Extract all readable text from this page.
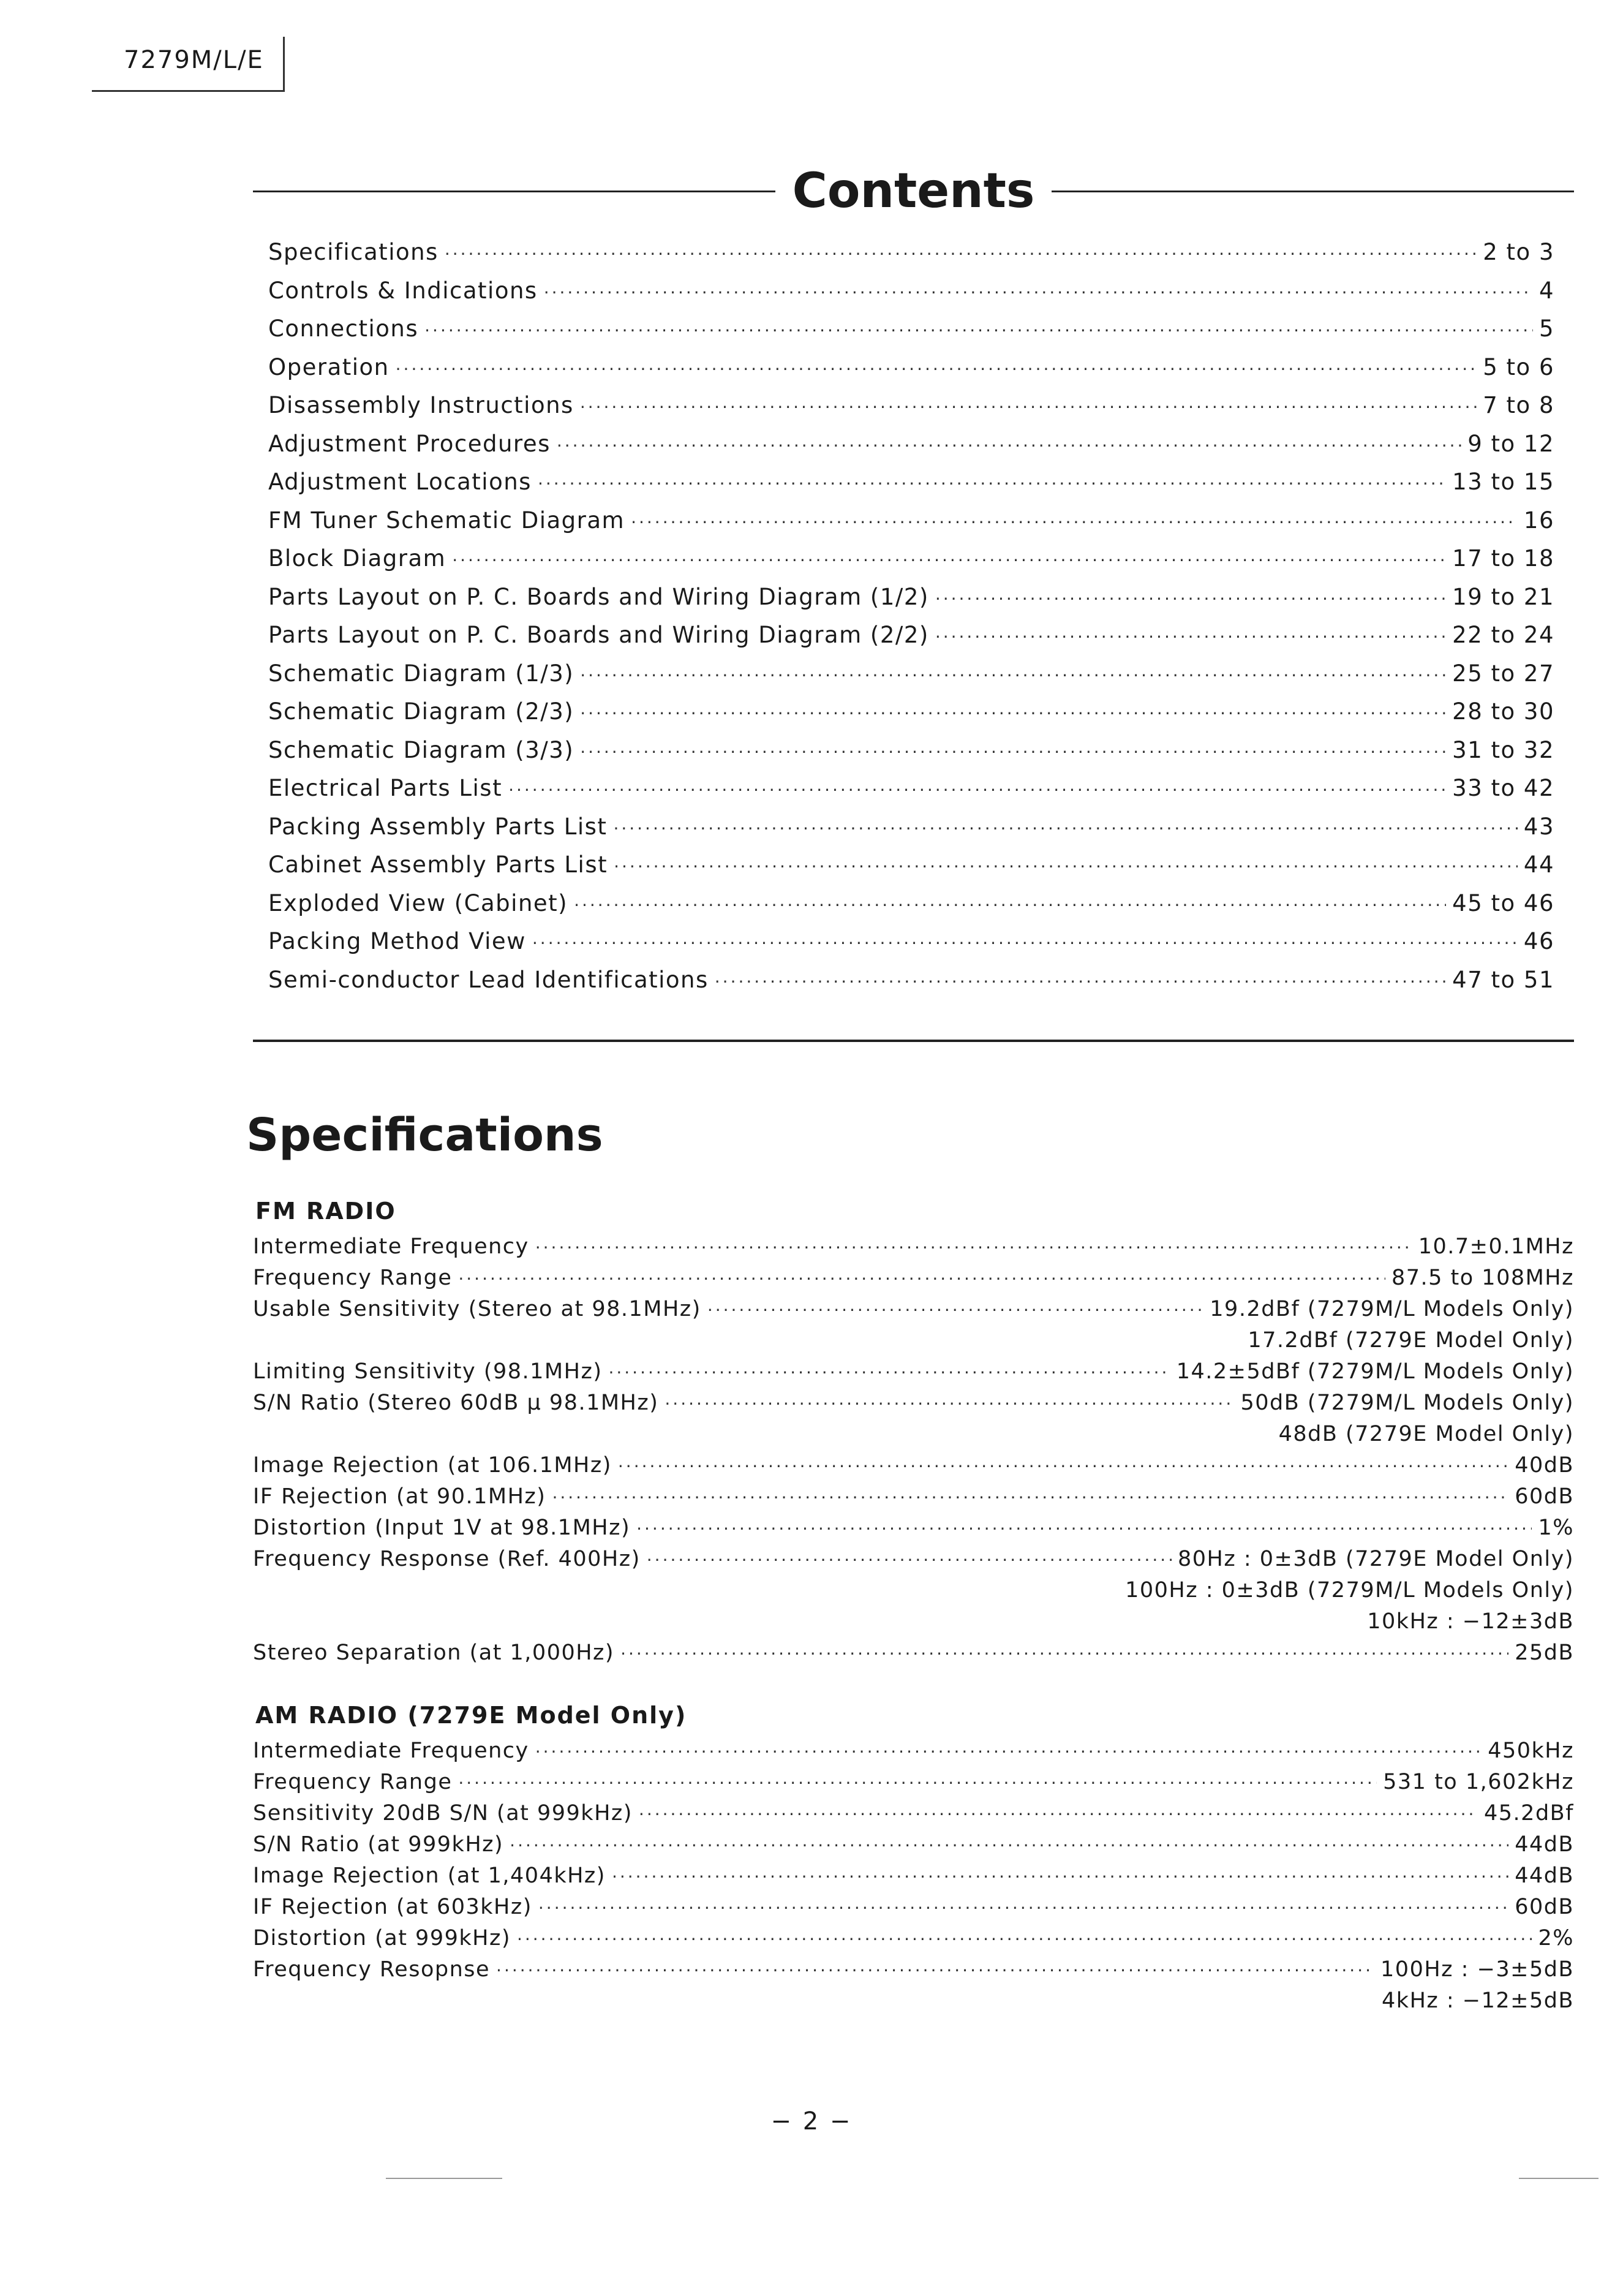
7279M/L/E
Contents
Specifications ·····	2 to 3
Controls & Indications ·····	4
Connections ·····	5
Operation ·····	5 to 6
Disassembly Instructions ·····	7 to 8
Adjustment Procedures ·····	9 to 12
Adjustment Locations ·····	13 to 15
FM Tuner Schematic Diagram ·····	16
Block Diagram ·····	17 to 18
Parts Layout on P. C. Boards and Wiring Diagram (1/2) ·····	19 to 21
Parts Layout on P. C. Boards and Wiring Diagram (2/2) ·····	22 to 24
Schematic Diagram (1/3) ·····	25 to 27
Schematic Diagram (2/3) ·····	28 to 30
Schematic Diagram (3/3) ·····	31 to 32
Electrical Parts List ·····	33 to 42
Packing Assembly Parts List ·····	43
Cabinet Assembly Parts List ·····	44
Exploded View (Cabinet) ·····	45 to 46
Packing Method View ·····	46
Semi-conductor Lead Identifications ·····	47 to 51
Specifications
FM RADIO
Intermediate Frequency ·····	10.7±0.1MHz
Frequency Range ·····	87.5 to 108MHz
Usable Sensitivity (Stereo at 98.1MHz) ·····	19.2dBf (7279M/L Models Only)
17.2dBf (7279E Model Only)
Limiting Sensitivity (98.1MHz) ·····	14.2±5dBf (7279M/L Models Only)
S/N Ratio (Stereo 60dB μ 98.1MHz) ·····	50dB (7279M/L Models Only)
48dB (7279E Model Only)
Image Rejection (at 106.1MHz) ·····	40dB
IF Rejection (at 90.1MHz) ·····	60dB
Distortion (Input 1V at 98.1MHz) ·····	1%
Frequency Response (Ref. 400Hz) ·····	80Hz : 0±3dB (7279E Model Only)
100Hz : 0±3dB (7279M/L Models Only)
10kHz : −12±3dB
Stereo Separation (at 1,000Hz) ·····	25dB
AM RADIO (7279E Model Only)
Intermediate Frequency ·····	450kHz
Frequency Range ·····	531 to 1,602kHz
Sensitivity 20dB S/N (at 999kHz) ·····	45.2dBf
S/N Ratio (at 999kHz) ·····	44dB
Image Rejection (at 1,404kHz) ·····	44dB
IF Rejection (at 603kHz) ·····	60dB
Distortion (at 999kHz) ·····	2%
Frequency Resopnse ·····	100Hz : −3±5dB
4kHz : −12±5dB
− 2 −
